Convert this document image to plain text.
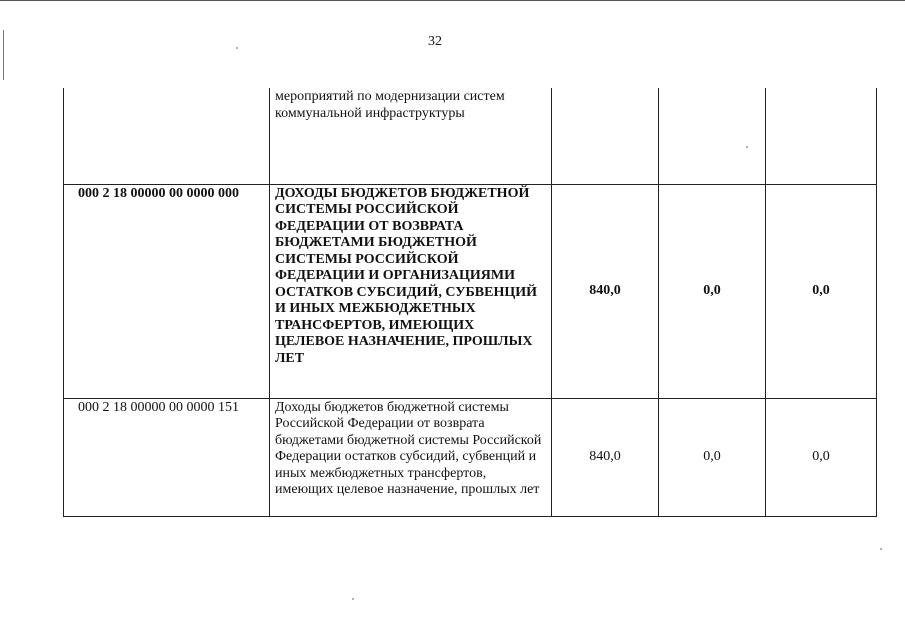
32
	мероприятий по модернизации систем коммунальной инфраструктуры			
000 2 18 00000 00 0000 000	ДОХОДЫ БЮДЖЕТОВ БЮДЖЕТНОЙ СИСТЕМЫ РОССИЙСКОЙ ФЕДЕРАЦИИ ОТ ВОЗВРАТА БЮДЖЕТАМИ БЮДЖЕТНОЙ СИСТЕМЫ РОССИЙСКОЙ ФЕДЕРАЦИИ И ОРГАНИЗАЦИЯМИ ОСТАТКОВ СУБСИДИЙ, СУБВЕНЦИЙ И ИНЫХ МЕЖБЮДЖЕТНЫХ ТРАНСФЕРТОВ, ИМЕЮЩИХ ЦЕЛЕВОЕ НАЗНАЧЕНИЕ, ПРОШЛЫХ ЛЕТ	840,0	0,0	0,0
000 2 18 00000 00 0000 151	Доходы бюджетов бюджетной системы Российской Федерации от возврата бюджетами бюджетной системы Российской Федерации остатков субсидий, субвенций и иных межбюджетных трансфертов, имеющих целевое назначение, прошлых лет	840,0	0,0	0,0
